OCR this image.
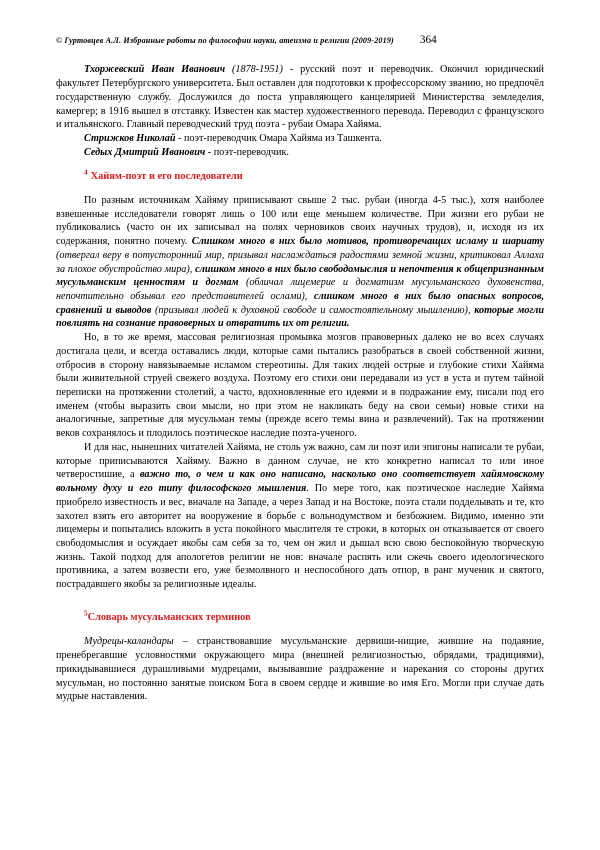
© Гуртовцев А.Л. Избранные работы по философии науки, атеизма и религии (2009-2019) 364

Тхоржевский Иван Иванович (1878-1951) - русский поэт и переводчик. Окончил юридический факультет Петербургского университета. Был оставлен для подготовки к профессорскому званию, но предпочёл государственную службу. Дослужился до поста управляющего канцелярией Министерства земледелия, камергер; в 1916 вышел в отставку. Известен как мастер художественного перевода. Переводил с французского и итальянского. Главный переводческий труд поэта - рубаи Омара Хайяма.

Стрижков Николай - поэт-переводчик Омара Хайяма из Ташкента.

Седых Дмитрий Иванович - поэт-переводчик.

$^4$ Хайям-поэт и его последователи

По разным источникам Хайяму приписывают свыше 2 тыс. рубаи (иногда 4-5 тыс.), хотя наиболее взвешенные исследователи говорят лишь о 100 или еще меньшем количестве. При жизни его рубаи не публиковались (часто он их записывал на полях черновиков своих научных трудов), и, исходя из их содержания, понятно почему. Слишком много в них было мотивов, противоречащих исламу и шариату (отвергал веру в потусторонний мир, призывал наслаждаться радостями земной жизни, критиковал Аллаха за плохое обустройство мира), слишком много в них было свободомыслия и непочтения к общепризнанным мусульманским ценностям и догмам (обличал лицемерие и догматизм мусульманского духовенства, непочтительно обзывал его представителей ослами), слишком много в них было опасных вопросов, сравнений и выводов (призывал людей к духовной свободе и самостоятельному мышлению), которые могли повлиять на сознание правоверных и отвратить их от религии.

Но, в то же время, массовая религиозная промывка мозгов правоверных далеко не во всех случаях достигала цели, и всегда оставались люди, которые сами пытались разобраться в своей собственной жизни, отбросив в сторону навязываемые исламом стереотипы. Для таких людей острые и глубокие стихи Хайяма были живительной струей свежего воздуха. Поэтому его стихи они передавали из уст в уста и путем тайной переписки на протяжении столетий, а часто, вдохновленные его идеями и в подражание ему, писали под его именем (чтобы выразить свои мысли, но при этом не накликать беду на свои семьи) новые стихи на аналогичные, запретные для мусульман темы (прежде всего темы вина и развлечений). Так на протяжении веков сохранялось и плодилось поэтическое наследие поэта-ученого.

И для нас, нынешних читателей Хайяма, не столь уж важно, сам ли поэт или эпигоны написали те рубаи, которые приписываются Хайяму. Важно в данном случае, не кто конкретно написал то или иное четверостишие, а важно то, о чем и как оно написано, насколько оно соответствует хайямовскому вольному духу и его типу философского мышления. По мере того, как поэтическое наследие Хайяма приобрело известность и вес, вначале на Западе, а через Запад и на Востоке, поэта стали подделывать и те, кто захотел взять его авторитет на вооружение в борьбе с вольнодумством и безбожием. Видимо, именно эти лицемеры и попытались вложить в уста покойного мыслителя те строки, в которых он отказывается от своего свободомыслия и осуждает якобы сам себя за то, чем он жил и дышал всю свою беспокойную творческую жизнь. Такой подход для апологетов религии не нов: вначале распять или сжечь своего идеологического противника, а затем возвести его, уже безмолвного и неспособного дать отпор, в ранг мученик и святого, пострадавшего якобы за религиозные идеалы.

$^5$Словарь мусульманских терминов

Мудрецы-каландары – странствовавшие мусульманские дервиши-нищие, жившие на подаяние, пренебрегавшие условностями окружающего мира (внешней религиозностью, обрядами, традициями), прикидывавшиеся дурашливыми мудрецами, вызывавшие раздражение и нарекания со стороны других мусульман, но постоянно занятые поиском Бога в своем сердце и жившие во имя Его. Могли при случае дать мудрые наставления.
